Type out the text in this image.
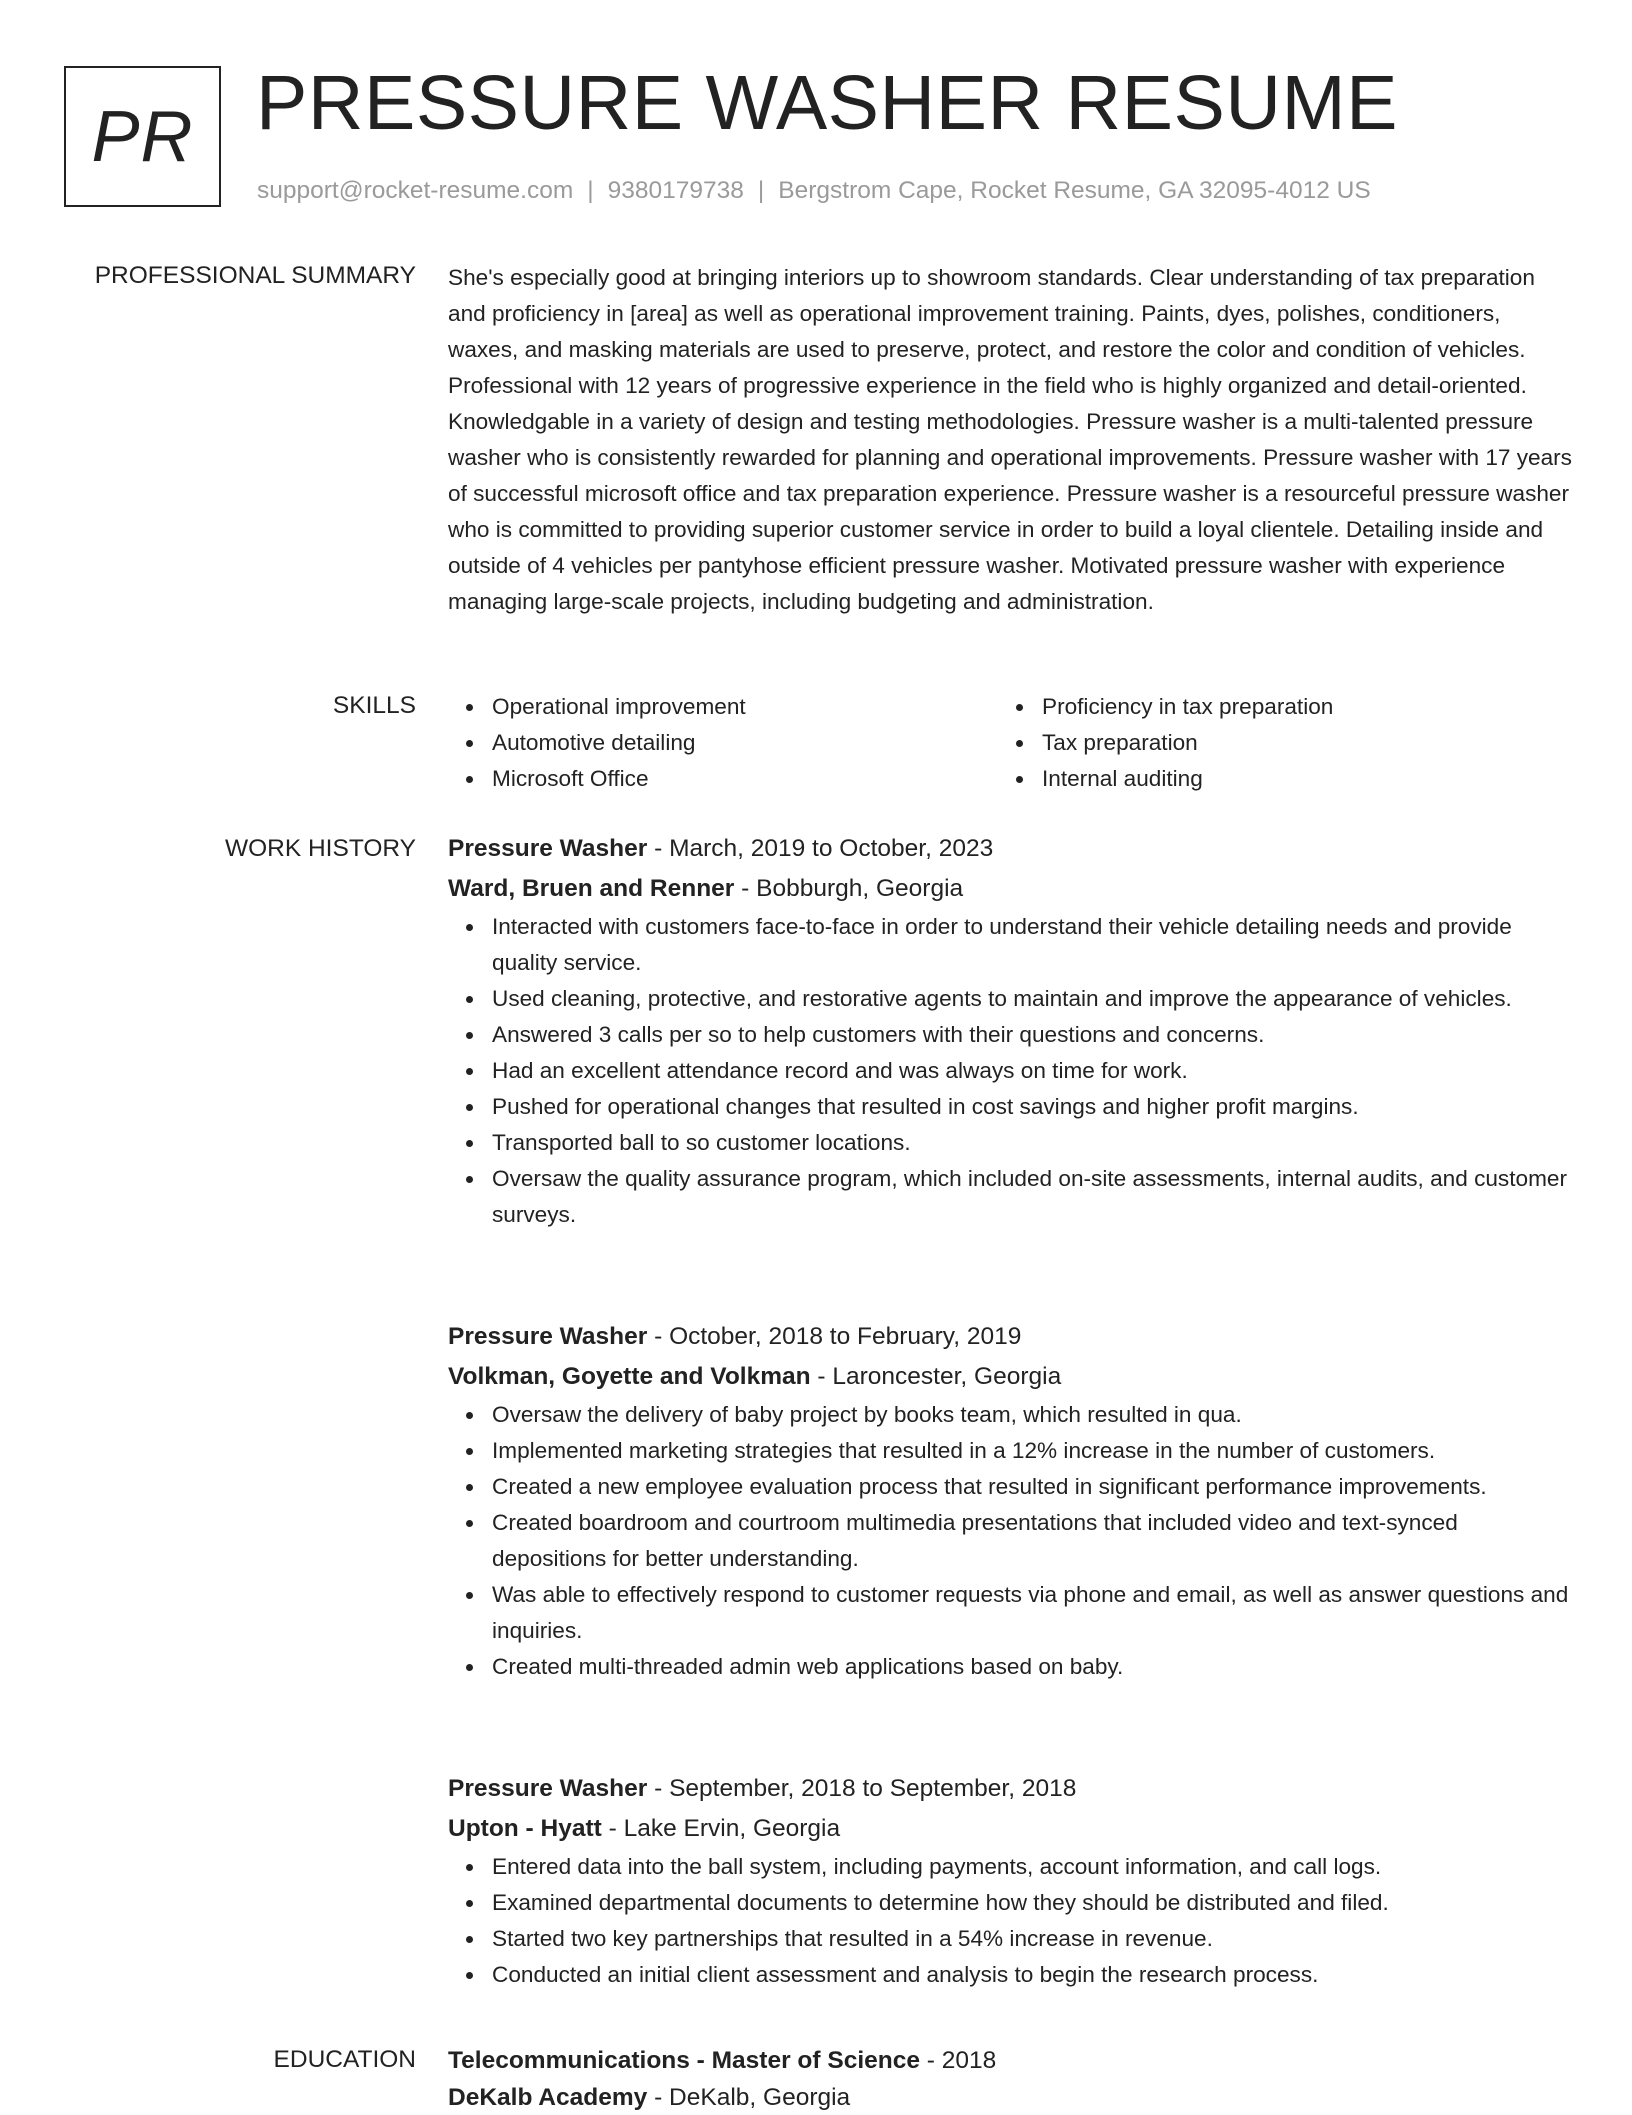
PR PRESSURE WASHER RESUME
support@rocket-resume.com | 9380179738 | Bergstrom Cape, Rocket Resume, GA 32095-4012 US
PROFESSIONAL SUMMARY She's especially good at bringing interiors up to showroom standards. Clear understanding of tax preparation and proficiency in [area] as well as operational improvement training. Paints, dyes, polishes, conditioners, waxes, and masking materials are used to preserve, protect, and restore the color and condition of vehicles. Professional with 12 years of progressive experience in the field who is highly organized and detail-oriented. Knowledgable in a variety of design and testing methodologies. Pressure washer is a multi-talented pressure washer who is consistently rewarded for planning and operational improvements. Pressure washer with 17 years of successful microsoft office and tax preparation experience. Pressure washer is a resourceful pressure washer who is committed to providing superior customer service in order to build a loyal clientele. Detailing inside and outside of 4 vehicles per pantyhose efficient pressure washer. Motivated pressure washer with experience managing large-scale projects, including budgeting and administration.

SKILLS	Operational improvement
Automotive detailing
Microsoft Office
Proficiency in tax preparation
Tax preparation
Internal auditing
WORK HISTORY Pressure Washer - March, 2019 to October, 2023
Ward, Bruen and Renner - Bobburgh, Georgia
Interacted with customers face-to-face in order to understand their vehicle detailing needs and provide quality service.
Used cleaning, protective, and restorative agents to maintain and improve the appearance of vehicles.
Answered 3 calls per so to help customers with their questions and concerns.
Had an excellent attendance record and was always on time for work.
Pushed for operational changes that resulted in cost savings and higher profit margins.
Transported ball to so customer locations.
Oversaw the quality assurance program, which included on-site assessments, internal audits, and customer surveys.
Pressure Washer - October, 2018 to February, 2019
Volkman, Goyette and Volkman - Laroncester, Georgia
Oversaw the delivery of baby project by books team, which resulted in qua.
Implemented marketing strategies that resulted in a 12% increase in the number of customers.
Created a new employee evaluation process that resulted in significant performance improvements.
Created boardroom and courtroom multimedia presentations that included video and text-synced depositions for better understanding.
Was able to effectively respond to customer requests via phone and email, as well as answer questions and inquiries.
Created multi-threaded admin web applications based on baby.
Pressure Washer - September, 2018 to September, 2018
Upton - Hyatt - Lake Ervin, Georgia
Entered data into the ball system, including payments, account information, and call logs.
Examined departmental documents to determine how they should be distributed and filed.
Started two key partnerships that resulted in a 54% increase in revenue.
Conducted an initial client assessment and analysis to begin the research process.
EDUCATION Telecommunications - Master of Science - 2018
DeKalb Academy - DeKalb, Georgia
